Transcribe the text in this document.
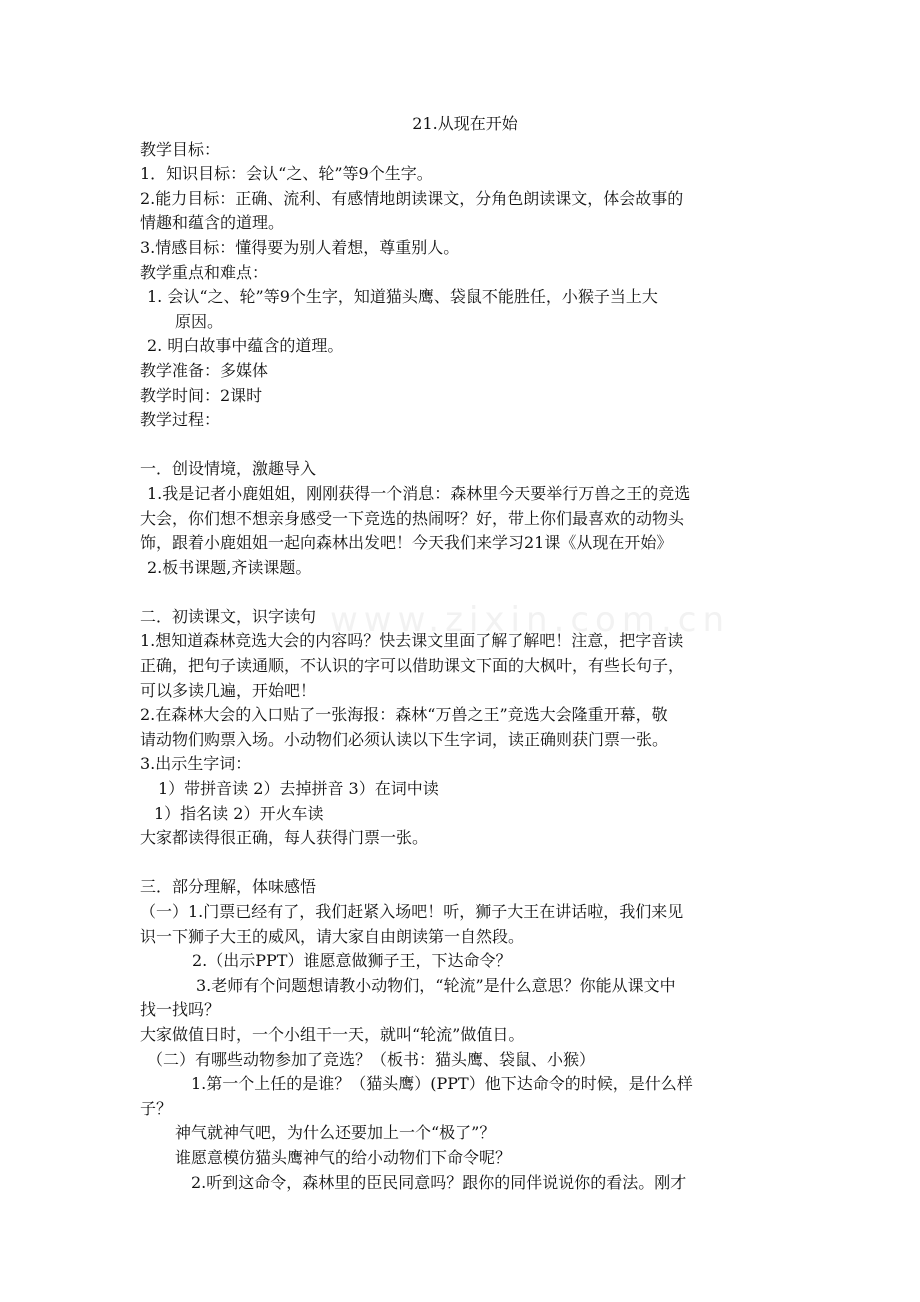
www.zixin.com.cn
21.从现在开始
教学目标：
1．知识目标：会认“之、轮”等9个生字。
2.能力目标：正确、流利、有感情地朗读课文，分角色朗读课文，体会故事的
情趣和蕴含的道理。
3.情感目标：懂得要为别人着想，尊重别人。
教学重点和难点：
1. 会认“之、轮”等9个生字，知道猫头鹰、袋鼠不能胜任，小猴子当上大
原因。
2. 明白故事中蕴含的道理。
教学准备：多媒体
教学时间：2课时
教学过程：
一．创设情境，激趣导入
1.我是记者小鹿姐姐，刚刚获得一个消息：森林里今天要举行万兽之王的竞选
大会，你们想不想亲身感受一下竞选的热闹呀？好，带上你们最喜欢的动物头
饰，跟着小鹿姐姐一起向森林出发吧！今天我们来学习21课《从现在开始》
2.板书课题,齐读课题。
二．初读课文，识字读句
1.想知道森林竞选大会的内容吗？快去课文里面了解了解吧！注意，把字音读
正确，把句子读通顺，不认识的字可以借助课文下面的大枫叶，有些长句子，
可以多读几遍，开始吧！
2.在森林大会的入口贴了一张海报：森林“万兽之王”竞选大会隆重开幕，敬
请动物们购票入场。小动物们必须认读以下生字词，读正确则获门票一张。
3.出示生字词：
1）带拼音读 2）去掉拼音 3）在词中读
1）指名读 2）开火车读
大家都读得很正确，每人获得门票一张。
三．部分理解，体味感悟
（一）1.门票已经有了，我们赶紧入场吧！听，狮子大王在讲话啦，我们来见
识一下狮子大王的威风，请大家自由朗读第一自然段。
2.（出示PPT）谁愿意做狮子王，下达命令？
3.老师有个问题想请教小动物们，“轮流”是什么意思？你能从课文中
找一找吗？
大家做值日时，一个小组干一天，就叫“轮流”做值日。
（二）有哪些动物参加了竞选？（板书：猫头鹰、袋鼠、小猴）
1.第一个上任的是谁？（猫头鹰）(PPT）他下达命令的时候，是什么样
子？
神气就神气吧，为什么还要加上一个“极了”？
谁愿意模仿猫头鹰神气的给小动物们下命令呢？
2.听到这命令，森林里的臣民同意吗？跟你的同伴说说你的看法。刚才
